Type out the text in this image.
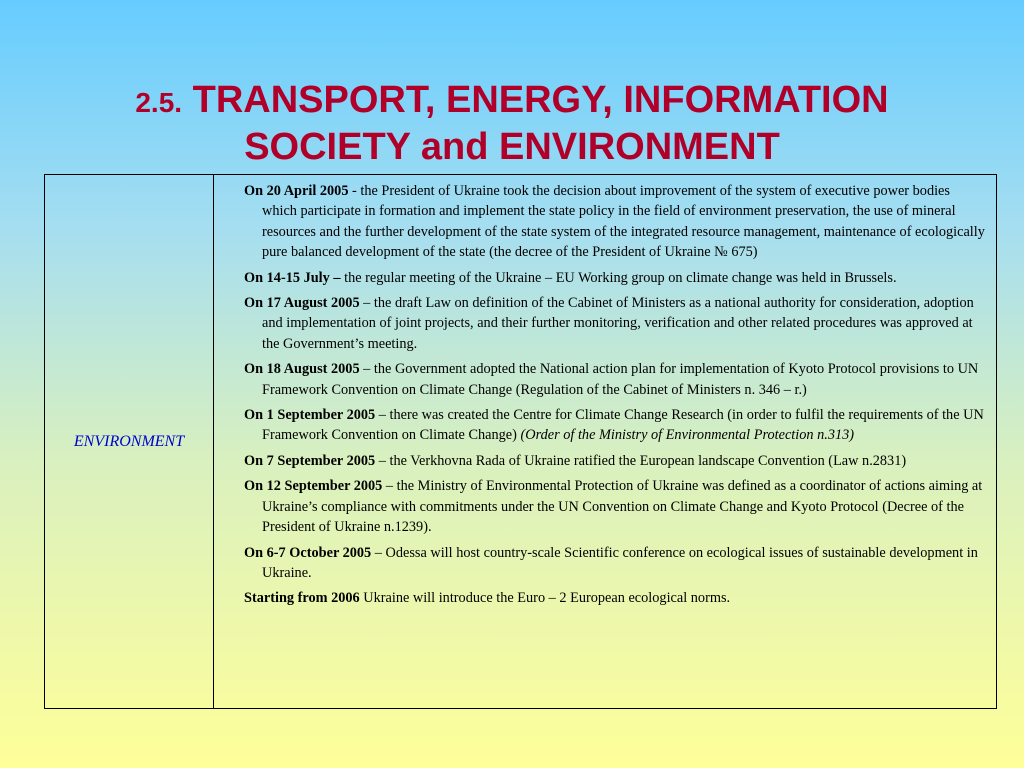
2.5. TRANSPORT, ENERGY, INFORMATION
SOCIETY and ENVIRONMENT
ENVIRONMENT	

On 20 April 2005 - the President of Ukraine took the decision about improvement of the system of executive power bodies which participate in formation and implement the state policy in the field of environment preservation, the use of mineral resources and the further development of the state system of the integrated resource management, maintenance of ecologically pure balanced development of the state (the decree of the President of Ukraine № 675)

On 14-15 July – the regular meeting of the Ukraine – EU Working group on climate change was held in Brussels.

On 17 August 2005 – the draft Law on definition of the Cabinet of Ministers as a national authority for consideration, adoption and implementation of joint projects, and their further monitoring, verification and other related procedures was approved at the Government’s meeting.

On 18 August 2005 – the Government adopted the National action plan for implementation of Kyoto Protocol provisions to UN Framework Convention on Climate Change (Regulation of the Cabinet of Ministers n. 346 – r.)

On 1 September 2005 – there was created the Centre for Climate Change Research (in order to fulfil the requirements of the UN Framework Convention on Climate Change) (Order of the Ministry of Environmental Protection n.313)

On 7 September 2005 – the Verkhovna Rada of Ukraine ratified the European landscape Convention (Law n.2831)

On 12 September 2005 – the Ministry of Environmental Protection of Ukraine was defined as a coordinator of actions aiming at Ukraine’s compliance with commitments under the UN Convention on Climate Change and Kyoto Protocol (Decree of the President of Ukraine n.1239).

On 6-7 October 2005 – Odessa will host country-scale Scientific conference on ecological issues of sustainable development in Ukraine.

Starting from 2006 Ukraine will introduce the Euro – 2 European ecological norms.
